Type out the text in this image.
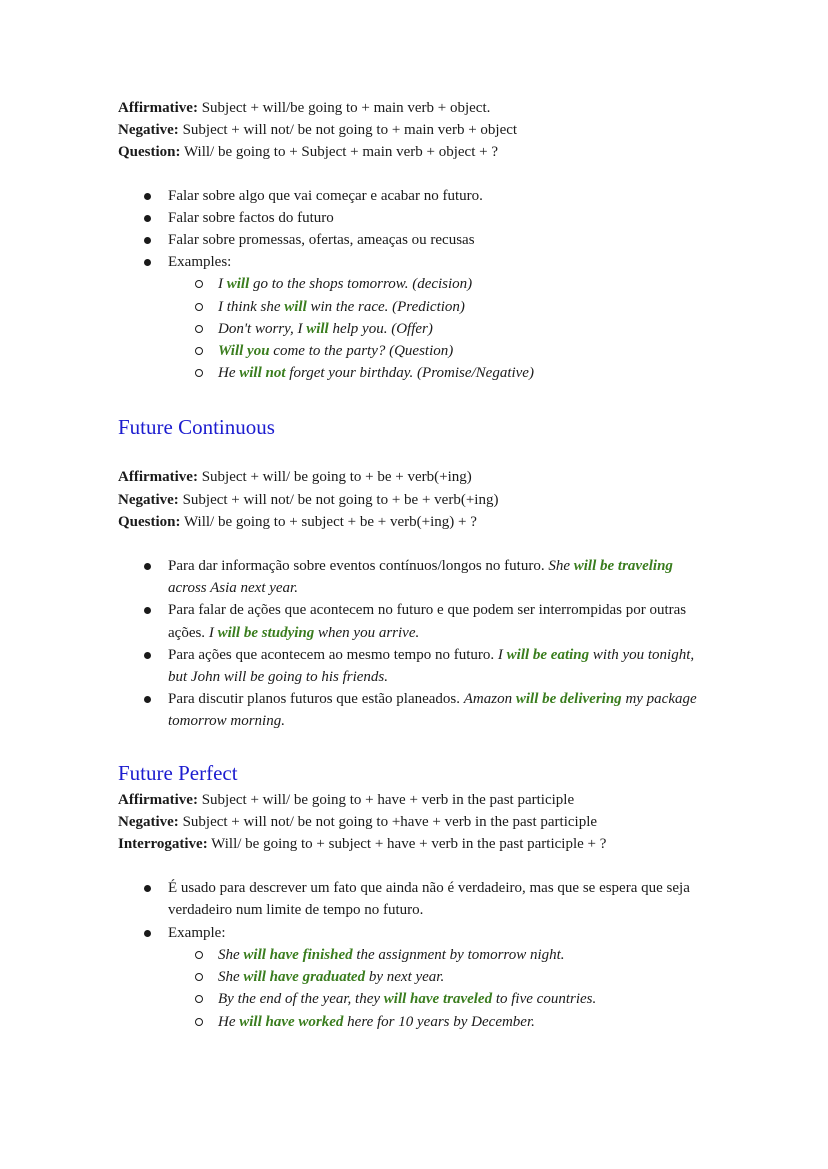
Affirmative: Subject + will/be going to + main verb + object.
Negative: Subject + will not/ be not going to + main verb + object
Question: Will/ be going to + Subject + main verb + object + ?
Falar sobre algo que vai começar e acabar no futuro.
Falar sobre factos do futuro
Falar sobre promessas, ofertas, ameaças ou recusas
Examples:
I will go to the shops tomorrow. (decision)
I think she will win the race. (Prediction)
Don't worry, I will help you. (Offer)
Will you come to the party? (Question)
He will not forget your birthday. (Promise/Negative)
Future Continuous
Affirmative: Subject + will/ be going to + be + verb(+ing)
Negative: Subject + will not/ be not going to + be + verb(+ing)
Question: Will/ be going to + subject + be + verb(+ing) + ?
Para dar informação sobre eventos contínuos/longos no futuro. She will be traveling across Asia next year.
Para falar de ações que acontecem no futuro e que podem ser interrompidas por outras ações. I will be studying when you arrive.
Para ações que acontecem ao mesmo tempo no futuro. I will be eating with you tonight, but John will be going to his friends.
Para discutir planos futuros que estão planeados. Amazon will be delivering my package tomorrow morning.
Future Perfect
Affirmative: Subject + will/ be going to + have + verb in the past participle
Negative: Subject + will not/ be not going to +have + verb in the past participle
Interrogative: Will/ be going to + subject + have + verb in the past participle + ?
É usado para descrever um fato que ainda não é verdadeiro, mas que se espera que seja verdadeiro num limite de tempo no futuro.
Example:
She will have finished the assignment by tomorrow night.
She will have graduated by next year.
By the end of the year, they will have traveled to five countries.
He will have worked here for 10 years by December.
